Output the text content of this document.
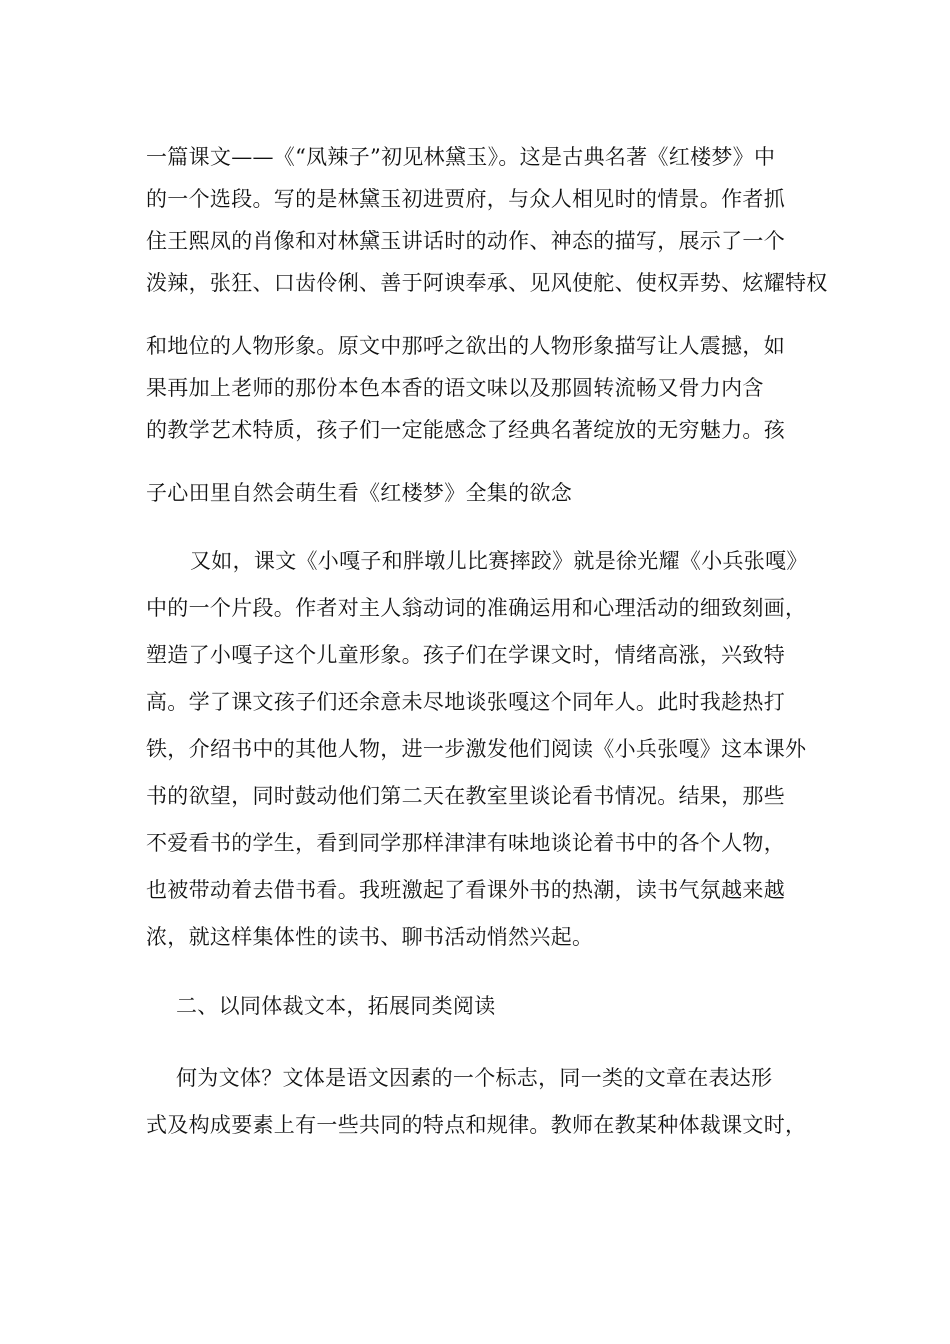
一篇课文——《“凤辣子”初见林黛玉》。这是古典名著《红楼梦》中
的一个选段。写的是林黛玉初进贾府，与众人相见时的情景。作者抓
住王熙凤的肖像和对林黛玉讲话时的动作、神态的描写，展示了一个
泼辣，张狂、口齿伶俐、善于阿谀奉承、见风使舵、使权弄势、炫耀特权
和地位的人物形象。原文中那呼之欲出的人物形象描写让人震撼，如
果再加上老师的那份本色本香的语文味以及那圆转流畅又骨力内含
的教学艺术特质，孩子们一定能感念了经典名著绽放的无穷魅力。孩
子心田里自然会萌生看《红楼梦》全集的欲念
又如，课文《小嘎子和胖墩儿比赛摔跤》就是徐光耀《小兵张嘎》
中的一个片段。作者对主人翁动词的准确运用和心理活动的细致刻画，
塑造了小嘎子这个儿童形象。孩子们在学课文时，情绪高涨，兴致特
高。学了课文孩子们还余意未尽地谈张嘎这个同年人。此时我趁热打
铁，介绍书中的其他人物，进一步激发他们阅读《小兵张嘎》这本课外
书的欲望，同时鼓动他们第二天在教室里谈论看书情况。结果，那些
不爱看书的学生，看到同学那样津津有味地谈论着书中的各个人物，
也被带动着去借书看。我班激起了看课外书的热潮，读书气氛越来越
浓，就这样集体性的读书、聊书活动悄然兴起。
二、以同体裁文本，拓展同类阅读
何为文体？文体是语文因素的一个标志，同一类的文章在表达形
式及构成要素上有一些共同的特点和规律。教师在教某种体裁课文时，
